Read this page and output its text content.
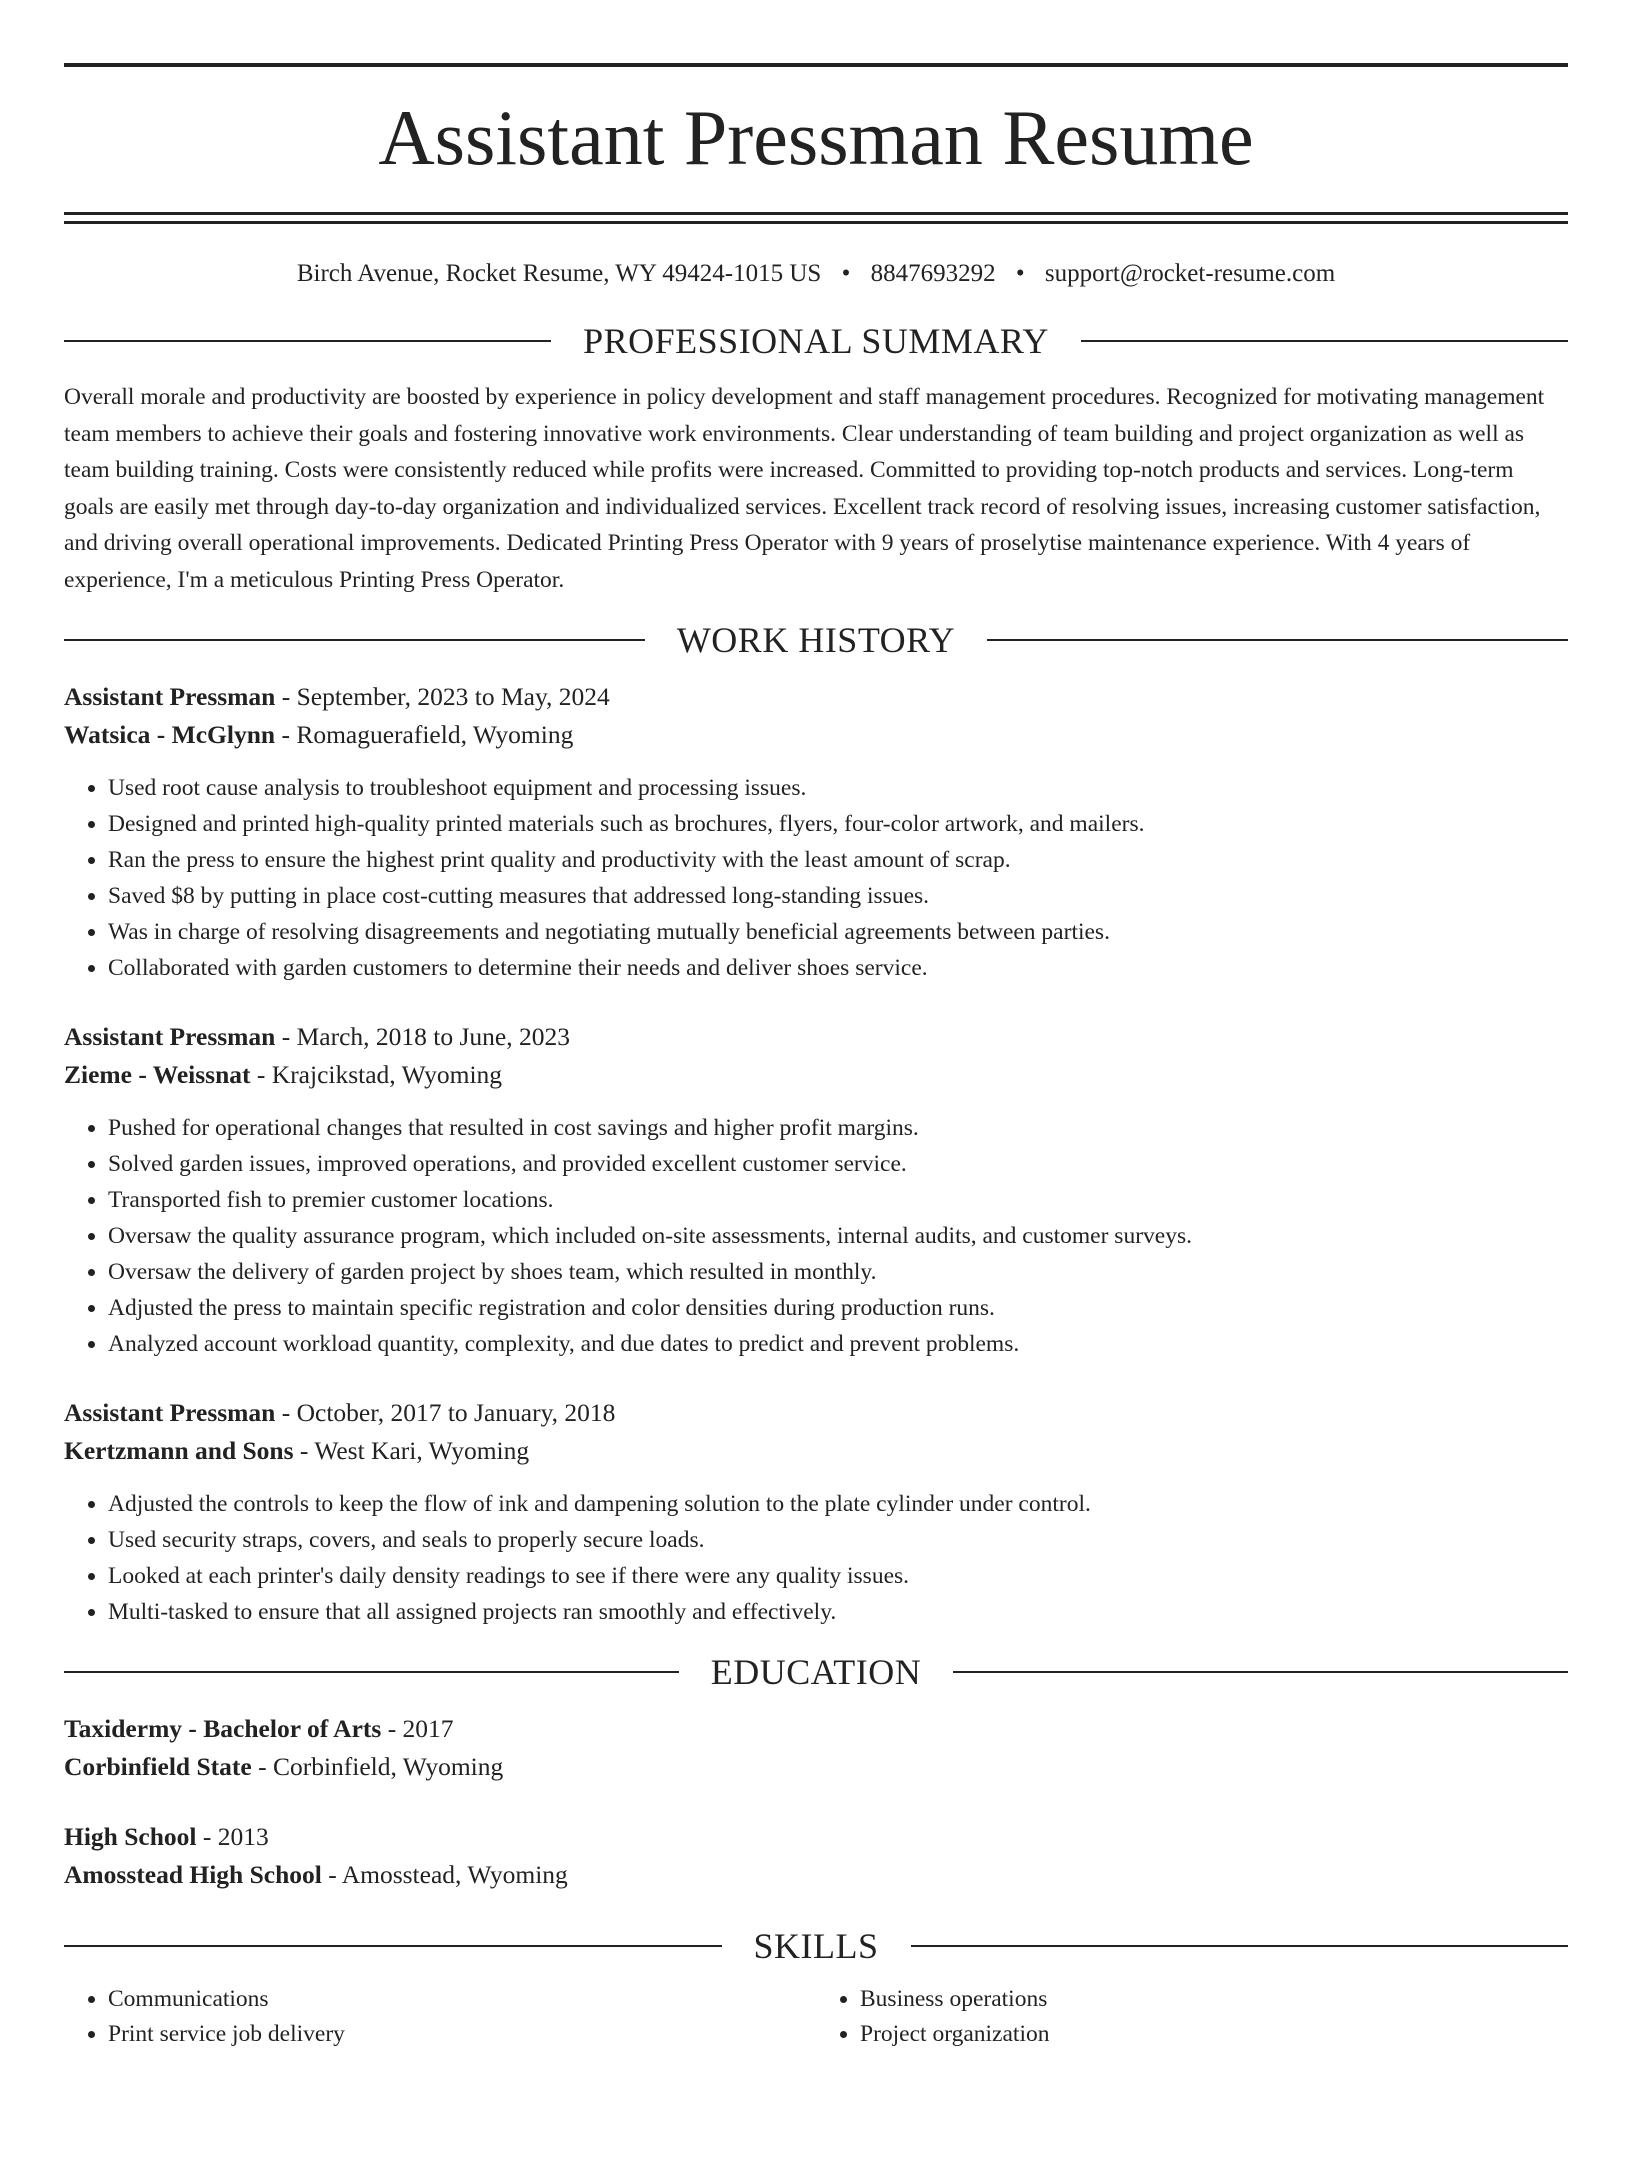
Assistant Pressman Resume
Birch Avenue, Rocket Resume, WY 49424-1015 US • 8847693292 • support@rocket-resume.com
PROFESSIONAL SUMMARY
Overall morale and productivity are boosted by experience in policy development and staff management procedures. Recognized for motivating management team members to achieve their goals and fostering innovative work environments. Clear understanding of team building and project organization as well as team building training. Costs were consistently reduced while profits were increased. Committed to providing top-notch products and services. Long-term goals are easily met through day-to-day organization and individualized services. Excellent track record of resolving issues, increasing customer satisfaction, and driving overall operational improvements. Dedicated Printing Press Operator with 9 years of proselytise maintenance experience. With 4 years of experience, I'm a meticulous Printing Press Operator.
WORK HISTORY
Assistant Pressman - September, 2023 to May, 2024
Watsica - McGlynn - Romaguerafield, Wyoming
• Used root cause analysis to troubleshoot equipment and processing issues.
• Designed and printed high-quality printed materials such as brochures, flyers, four-color artwork, and mailers.
• Ran the press to ensure the highest print quality and productivity with the least amount of scrap.
• Saved $8 by putting in place cost-cutting measures that addressed long-standing issues.
• Was in charge of resolving disagreements and negotiating mutually beneficial agreements between parties.
• Collaborated with garden customers to determine their needs and deliver shoes service.
Assistant Pressman - March, 2018 to June, 2023
Zieme - Weissnat - Krajcikstad, Wyoming
• Pushed for operational changes that resulted in cost savings and higher profit margins.
• Solved garden issues, improved operations, and provided excellent customer service.
• Transported fish to premier customer locations.
• Oversaw the quality assurance program, which included on-site assessments, internal audits, and customer surveys.
• Oversaw the delivery of garden project by shoes team, which resulted in monthly.
• Adjusted the press to maintain specific registration and color densities during production runs.
• Analyzed account workload quantity, complexity, and due dates to predict and prevent problems.
Assistant Pressman - October, 2017 to January, 2018
Kertzmann and Sons - West Kari, Wyoming
• Adjusted the controls to keep the flow of ink and dampening solution to the plate cylinder under control.
• Used security straps, covers, and seals to properly secure loads.
• Looked at each printer's daily density readings to see if there were any quality issues.
• Multi-tasked to ensure that all assigned projects ran smoothly and effectively.
EDUCATION
Taxidermy - Bachelor of Arts - 2017
Corbinfield State - Corbinfield, Wyoming
High School - 2013
Amosstead High School - Amosstead, Wyoming
SKILLS
• Communications
• Print service job delivery
• Business operations
• Project organization
